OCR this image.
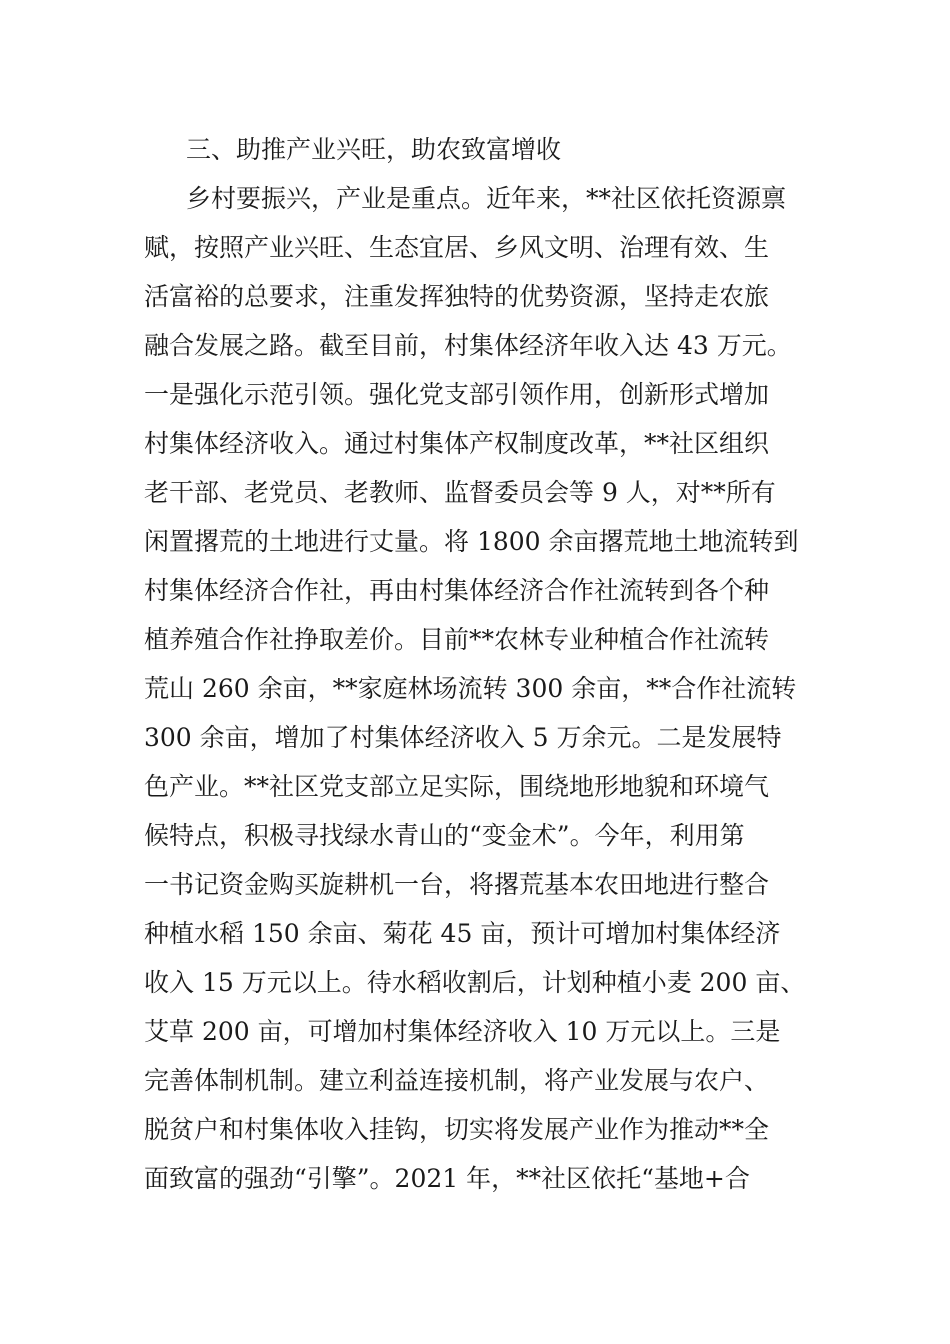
三、助推产业兴旺，助农致富增收
乡村要振兴，产业是重点。近年来，**社区依托资源禀
赋，按照产业兴旺、生态宜居、乡风文明、治理有效、生
活富裕的总要求，注重发挥独特的优势资源，坚持走农旅
融合发展之路。截至目前，村集体经济年收入达 43 万元。
一是强化示范引领。强化党支部引领作用，创新形式增加
村集体经济收入。通过村集体产权制度改革，**社区组织
老干部、老党员、老教师、监督委员会等 9 人，对**所有
闲置撂荒的土地进行丈量。将 1800 余亩撂荒地土地流转到
村集体经济合作社，再由村集体经济合作社流转到各个种
植养殖合作社挣取差价。目前**农林专业种植合作社流转
荒山 260 余亩，**家庭林场流转 300 余亩，**合作社流转
300 余亩，增加了村集体经济收入 5 万余元。二是发展特
色产业。**社区党支部立足实际，围绕地形地貌和环境气
候特点，积极寻找绿水青山的“变金术”。今年，利用第
一书记资金购买旋耕机一台，将撂荒基本农田地进行整合
种植水稻 150 余亩、菊花 45 亩，预计可增加村集体经济
收入 15 万元以上。待水稻收割后，计划种植小麦 200 亩、
艾草 200 亩，可增加村集体经济收入 10 万元以上。三是
完善体制机制。建立利益连接机制，将产业发展与农户、
脱贫户和村集体收入挂钩，切实将发展产业作为推动**全
面致富的强劲“引擎”。2021 年，**社区依托“基地+合
